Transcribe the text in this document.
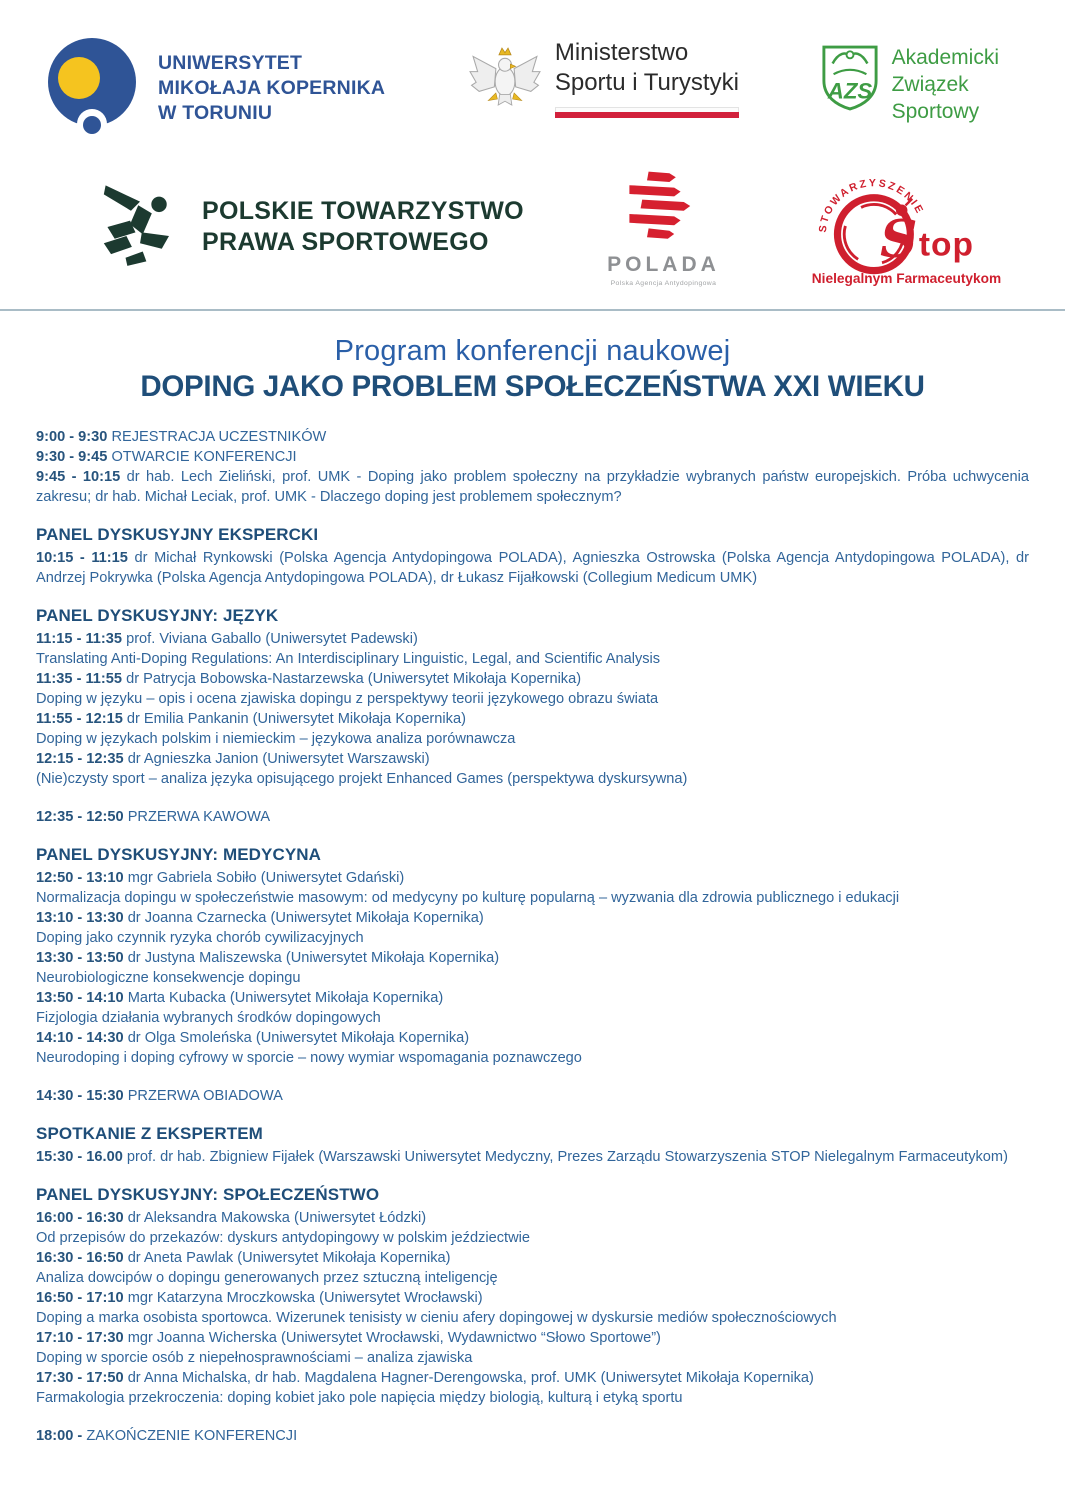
UNIWERSYTET
MIKOŁAJA KOPERNIKA
W TORUNIU
Ministerstwo
Sportu i Turystyki	AZS
Akademicki
Związek
Sportowy
POLSKIE TOWARZYSTWO
PRAWA SPORTOWEGO
POLADA
Polska Agencja Antydopingowa
STOWARZYSZENIE
S top
Nielegalnym Farmaceutykom
Program konferencji naukowej
DOPING JAKO PROBLEM SPOŁECZEŃSTWA XXI WIEKU

9:00 - 9:30 REJESTRACJA UCZESTNIKÓW

9:30 - 9:45 OTWARCIE KONFERENCJI

9:45 - 10:15 dr hab. Lech Zieliński, prof. UMK - Doping jako problem społeczny na przykładzie wybranych państw europejskich. Próba uchwycenia zakresu; dr hab. Michał Leciak, prof. UMK - Dlaczego doping jest problemem społecznym?

PANEL DYSKUSYJNY EKSPERCKI

10:15 - 11:15 dr Michał Rynkowski (Polska Agencja Antydopingowa POLADA), Agnieszka Ostrowska (Polska Agencja Antydopingowa POLADA), dr Andrzej Pokrywka (Polska Agencja Antydopingowa POLADA), dr Łukasz Fijałkowski (Collegium Medicum UMK)

PANEL DYSKUSYJNY: JĘZYK

11:15 - 11:35 prof. Viviana Gaballo (Uniwersytet Padewski)

Translating Anti-Doping Regulations: An Interdisciplinary Linguistic, Legal, and Scientific Analysis

11:35 - 11:55 dr Patrycja Bobowska-Nastarzewska (Uniwersytet Mikołaja Kopernika)

Doping w języku – opis i ocena zjawiska dopingu z perspektywy teorii językowego obrazu świata

11:55 - 12:15 dr Emilia Pankanin (Uniwersytet Mikołaja Kopernika)

Doping w językach polskim i niemieckim – językowa analiza porównawcza

12:15 - 12:35 dr Agnieszka Janion (Uniwersytet Warszawski)

(Nie)czysty sport – analiza języka opisującego projekt Enhanced Games (perspektywa dyskursywna)

12:35 - 12:50 PRZERWA KAWOWA

PANEL DYSKUSYJNY: MEDYCYNA

12:50 - 13:10 mgr Gabriela Sobiło (Uniwersytet Gdański)

Normalizacja dopingu w społeczeństwie masowym: od medycyny po kulturę popularną – wyzwania dla zdrowia publicznego i edukacji

13:10 - 13:30 dr Joanna Czarnecka (Uniwersytet Mikołaja Kopernika)

Doping jako czynnik ryzyka chorób cywilizacyjnych

13:30 - 13:50 dr Justyna Maliszewska (Uniwersytet Mikołaja Kopernika)

Neurobiologiczne konsekwencje dopingu

13:50 - 14:10 Marta Kubacka (Uniwersytet Mikołaja Kopernika)

Fizjologia działania wybranych środków dopingowych

14:10 - 14:30 dr Olga Smoleńska (Uniwersytet Mikołaja Kopernika)

Neurodoping i doping cyfrowy w sporcie – nowy wymiar wspomagania poznawczego

14:30 - 15:30 PRZERWA OBIADOWA

SPOTKANIE Z EKSPERTEM

15:30 - 16.00 prof. dr hab. Zbigniew Fijałek (Warszawski Uniwersytet Medyczny, Prezes Zarządu Stowarzyszenia STOP Nielegalnym Farmaceutykom)

PANEL DYSKUSYJNY: SPOŁECZEŃSTWO

16:00 - 16:30 dr Aleksandra Makowska (Uniwersytet Łódzki)

Od przepisów do przekazów: dyskurs antydopingowy w polskim jeździectwie

16:30 - 16:50 dr Aneta Pawlak (Uniwersytet Mikołaja Kopernika)

Analiza dowcipów o dopingu generowanych przez sztuczną inteligencję

16:50 - 17:10 mgr Katarzyna Mroczkowska (Uniwersytet Wrocławski)

Doping a marka osobista sportowca. Wizerunek tenisisty w cieniu afery dopingowej w dyskursie mediów społecznościowych

17:10 - 17:30 mgr Joanna Wicherska (Uniwersytet Wrocławski, Wydawnictwo “Słowo Sportowe”)

Doping w sporcie osób z niepełnosprawnościami – analiza zjawiska

17:30 - 17:50 dr Anna Michalska, dr hab. Magdalena Hagner-Derengowska, prof. UMK (Uniwersytet Mikołaja Kopernika)

Farmakologia przekroczenia: doping kobiet jako pole napięcia między biologią, kulturą i etyką sportu

18:00 - ZAKOŃCZENIE KONFERENCJI
